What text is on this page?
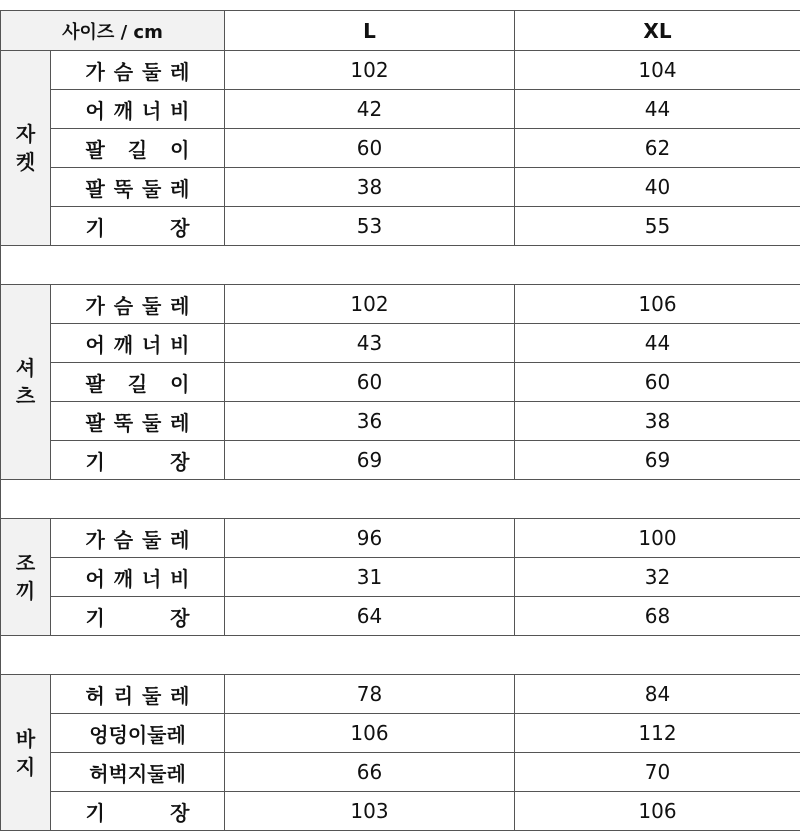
사이즈 / cm		L	XL

자
켓	가 슴 둘 레	102	104

	어 깨 너 비	42	44

	팔 길 이	60	62

	팔 뚝 둘 레	38	40

	기 장	53	55

셔
츠	가 슴 둘 레	102	106

	어 깨 너 비	43	44

	팔 길 이	60	60

	팔 뚝 둘 레	36	38

	기 장	69	69

조
끼	가 슴 둘 레	96	100

	어 깨 너 비	31	32

	기 장	64	68

바
지	허 리 둘 레	78	84
	엉덩이둘레	106	112
	허벅지둘레	66	70

	기 장	103	106
